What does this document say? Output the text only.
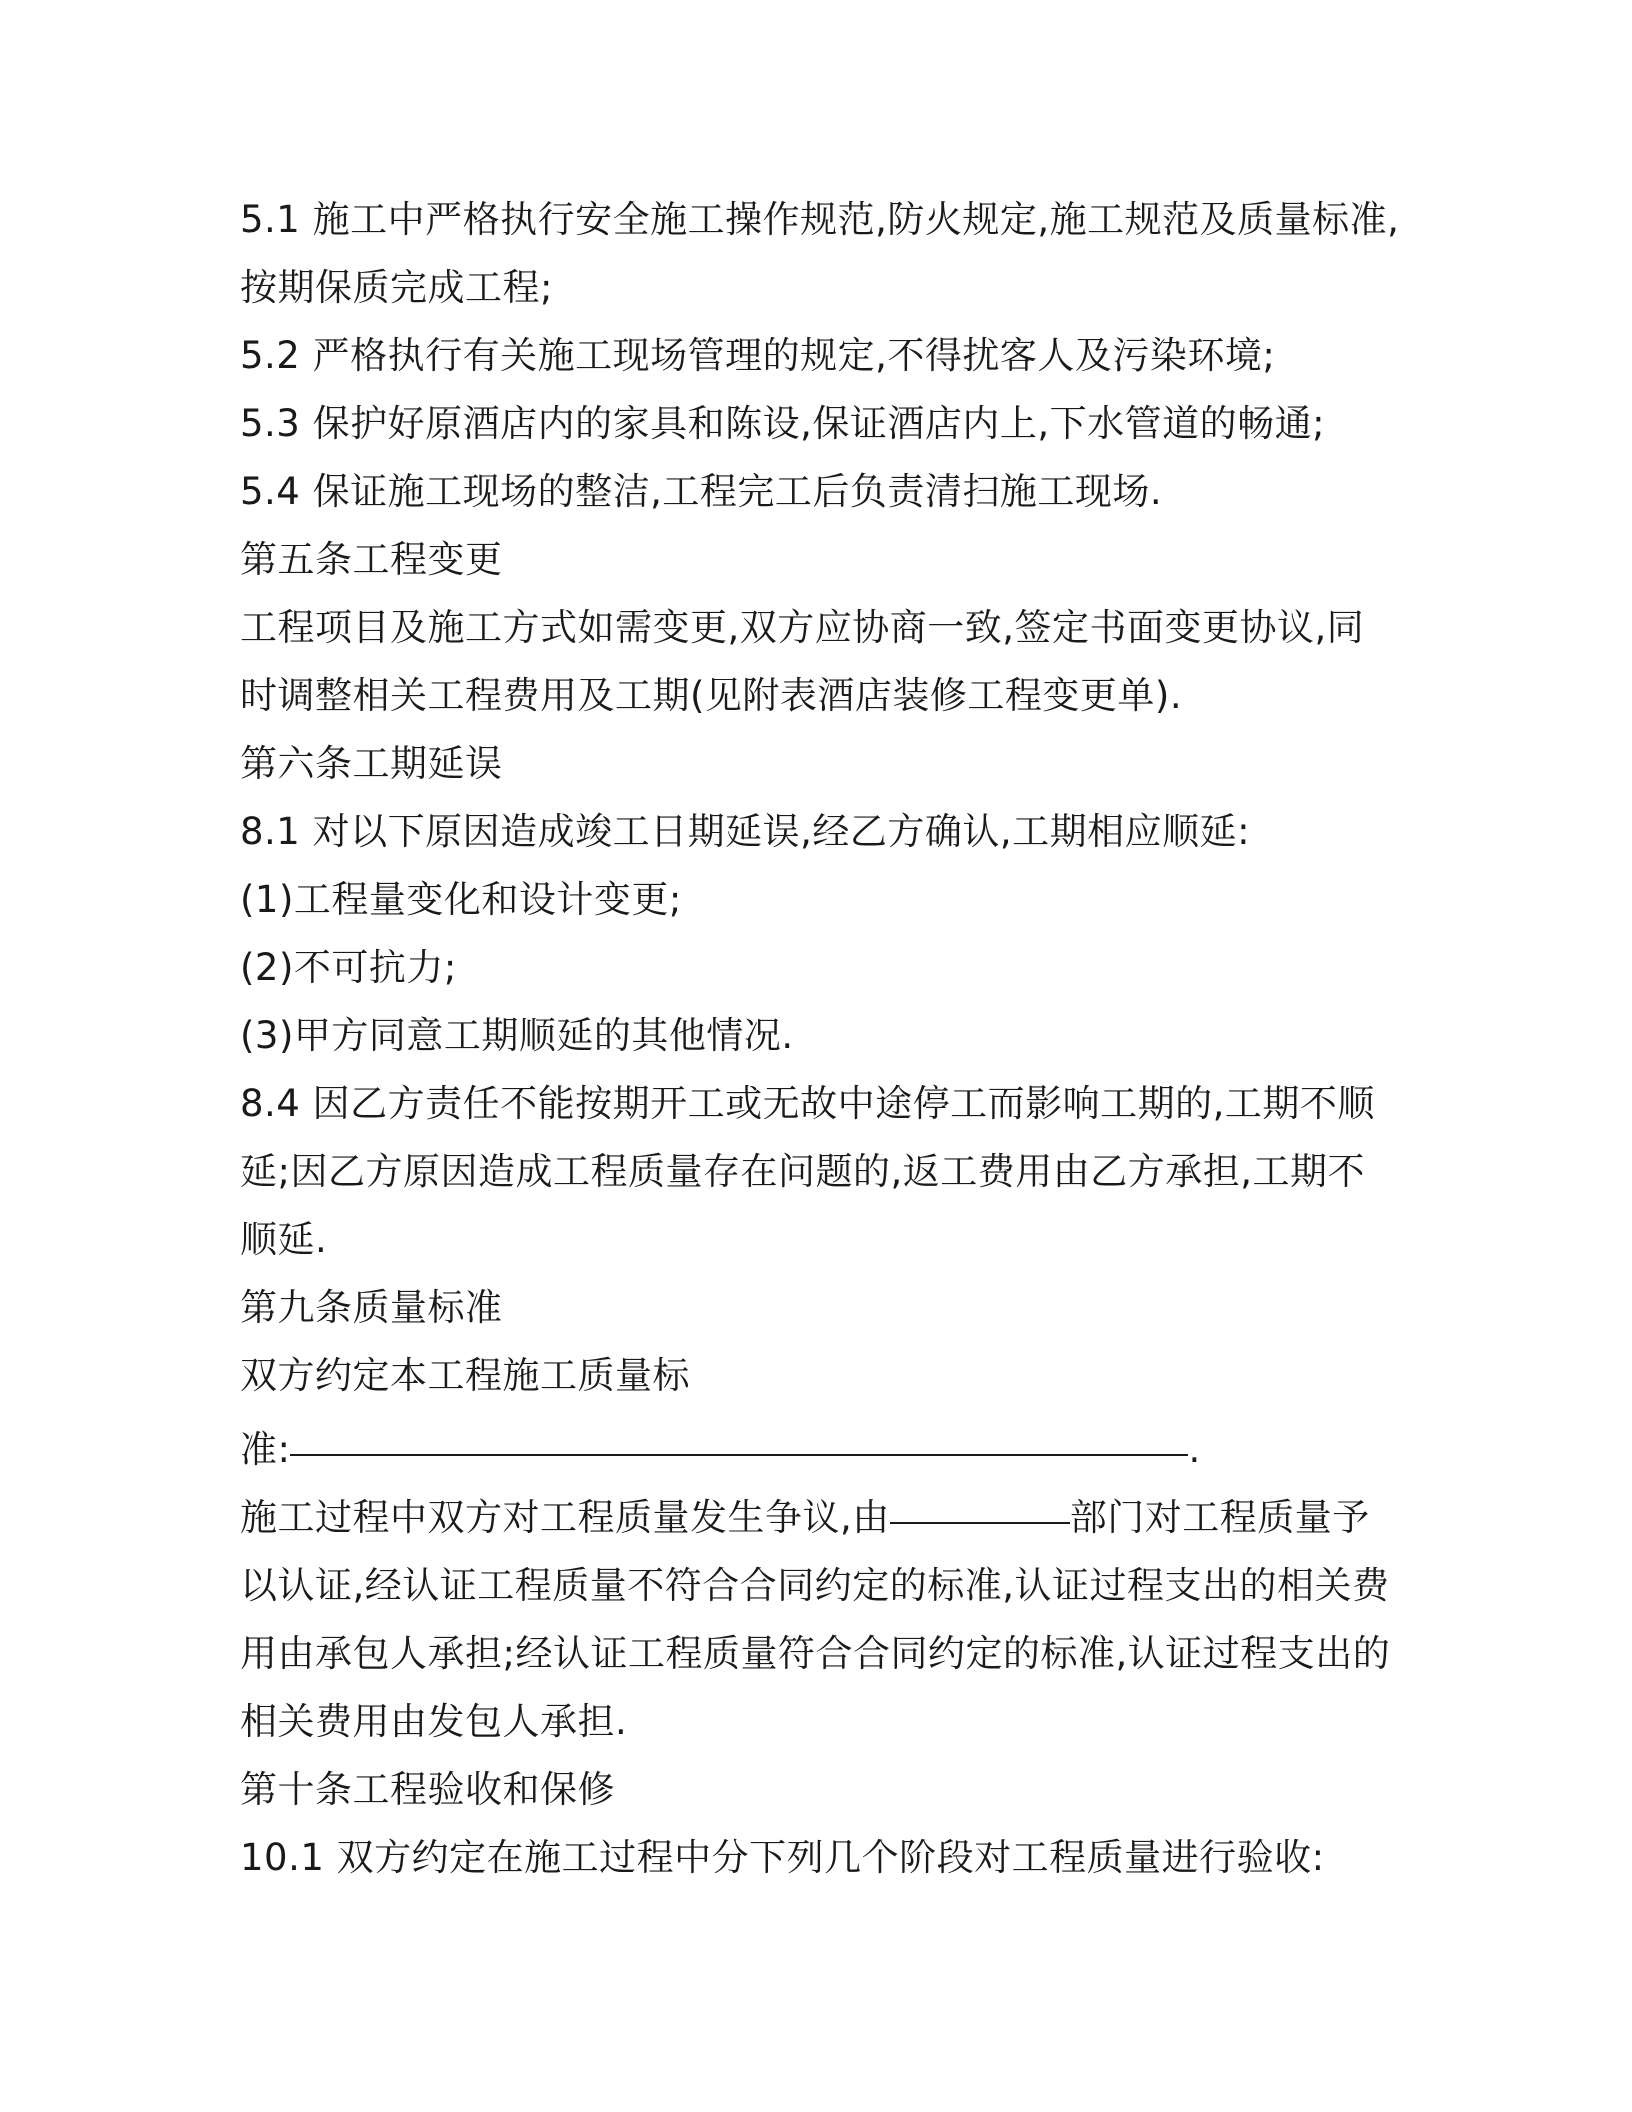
5.1 施工中严格执行安全施工操作规范,防火规定,施工规范及质量标准,
按期保质完成工程;
5.2 严格执行有关施工现场管理的规定,不得扰客人及污染环境;
5.3 保护好原酒店内的家具和陈设,保证酒店内上,下水管道的畅通;
5.4 保证施工现场的整洁,工程完工后负责清扫施工现场.
第五条工程变更
工程项目及施工方式如需变更,双方应协商一致,签定书面变更协议,同
时调整相关工程费用及工期(见附表酒店装修工程变更单).
第六条工期延误
8.1 对以下原因造成竣工日期延误,经乙方确认,工期相应顺延:
(1)工程量变化和设计变更;
(2)不可抗力;
(3)甲方同意工期顺延的其他情况.
8.4 因乙方责任不能按期开工或无故中途停工而影响工期的,工期不顺
延;因乙方原因造成工程质量存在问题的,返工费用由乙方承担,工期不
顺延.
第九条质量标准
双方约定本工程施工质量标
准:	.
施工过程中双方对工程质量发生争议,由	部门对工程质量予
以认证,经认证工程质量不符合合同约定的标准,认证过程支出的相关费
用由承包人承担;经认证工程质量符合合同约定的标准,认证过程支出的
相关费用由发包人承担.
第十条工程验收和保修
10.1 双方约定在施工过程中分下列几个阶段对工程质量进行验收:
